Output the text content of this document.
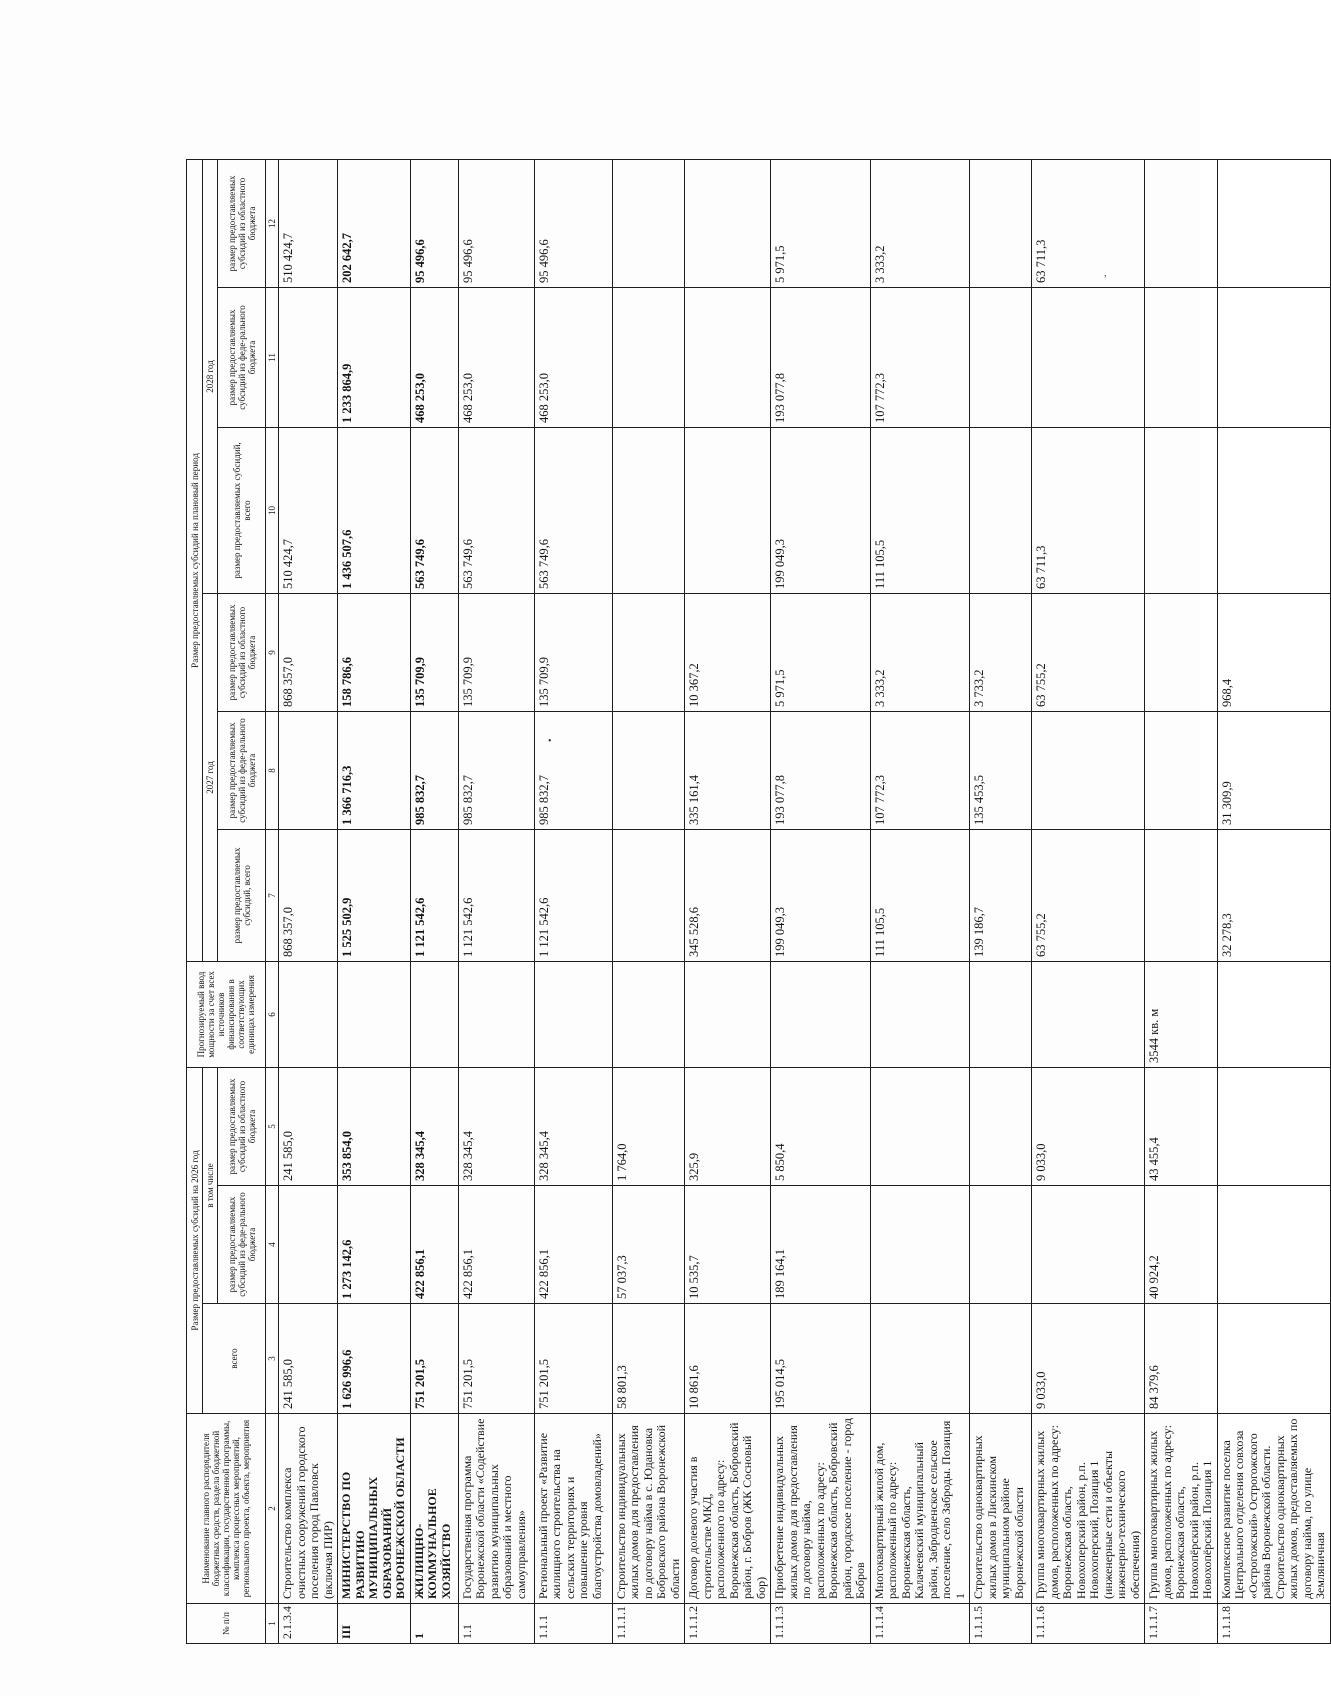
•
,
№ п/п	Наименование главного распорядителя бюджетных средств, раздела бюджетной классификации, государственной программы, комплекса процессных мероприятий, регионального проекта, объекта, мероприятия	Размер предоставляемых субсидий на 2026 год			Прогнозируемый ввод мощности за счет всех источников финансирования в соответствующих единицах измерения	Размер предоставляемых субсидий на плановый период					
		всего	в том числе			2027 год			2028 год		
			размер предоставляемых субсидий из феде-рального бюджета	размер предоставляемых субсидий из областного бюджета		размер предоставляемых субсидий, всего	размер предоставляемых субсидий из феде-рального бюджета	размер предоставляемых субсидий из областного бюджета	размер предоставляемых субсидий, всего	размер предоставляемых субсидий из феде-рального бюджета	размер предоставляемых субсидий из областного бюджета
1	2	3	4	5	6	7	8	9	10	11	12
2.1.3.4	Строительство комплекса очистных сооружений городского поселения город Павловск (включая ПИР)	241 585,0		241 585,0		868 357,0		868 357,0	510 424,7		510 424,7
III	МИНИСТЕРСТВО ПО РАЗВИТИЮ МУНИЦИПАЛЬНЫХ ОБРАЗОВАНИЙ ВОРОНЕЖСКОЙ ОБЛАСТИ	1 626 996,6	1 273 142,6	353 854,0		1 525 502,9	1 366 716,3	158 786,6	1 436 507,6	1 233 864,9	202 642,7
1	ЖИЛИЩНО-КОММУНАЛЬНОЕ ХОЗЯЙСТВО	751 201,5	422 856,1	328 345,4		1 121 542,6	985 832,7	135 709,9	563 749,6	468 253,0	95 496,6
1.1	Государственная программа Воронежской области «Содействие развитию муниципальных образований и местного самоуправления»	751 201,5	422 856,1	328 345,4		1 121 542,6	985 832,7	135 709,9	563 749,6	468 253,0	95 496,6
1.1.1	Региональный проект «Развитие жилищного строительства на сельских территориях и повышение уровня благоустройства домовладений»	751 201,5	422 856,1	328 345,4		1 121 542,6	985 832,7	135 709,9	563 749,6	468 253,0	95 496,6
1.1.1.1	Строительство индивидуальных жилых домов для предоставления по договору найма в с. Юдановка Бобровского района Воронежской области	58 801,3	57 037,3	1 764,0							
1.1.1.2	Договор долевого участия в строительстве МКД, расположенного по адресу: Воронежская область, Бобровский район, г. Бобров (ЖК Сосновый бор)	10 861,6	10 535,7	325,9		345 528,6	335 161,4	10 367,2			
1.1.1.3	Приобретение индивидуальных жилых домов для предоставления по договору найма, расположенных по адресу: Воронежская область, Бобровский район, городское поселение - город Бобров	195 014,5	189 164,1	5 850,4		199 049,3	193 077,8	5 971,5	199 049,3	193 077,8	5 971,5
1.1.1.4	Многоквартирный жилой дом, расположенный по адресу: Воронежская область, Калачеевский муниципальный район, Забродненское сельское поселение, село Заброды. Позиция 1					111 105,5	107 772,3	3 333,2	111 105,5	107 772,3	3 333,2
1.1.1.5	Строительство одноквартирных жилых домов в Лискинском муниципальном районе Воронежской области					139 186,7	135 453,5	3 733,2			
1.1.1.6	Группа многоквартирных жилых домов, расположенных по адресу: Воронежская область, Новохоперский район, р.п. Новохоперский, Позиция 1 (инженерные сети и объекты инженерно-технического обеспечения)	9 033,0		9 033,0		63 755,2		63 755,2	63 711,3		63 711,3
1.1.1.7	Группа многоквартирных жилых домов, расположенных по адресу: Воронежская область, Новохопёрский район, р.п. Новохопёрский. Позиция 1	84 379,6	40 924,2	43 455,4	3544 кв. м						
1.1.1.8	Комплексное развитие поселка Центрального отделения совхоза «Острогожский» Острогожского района Воронежской области. Строительство одноквартирных жилых домов, предоставляемых по договору найма, по улице Земляничная					32 278,3	31 309,9	968,4			
